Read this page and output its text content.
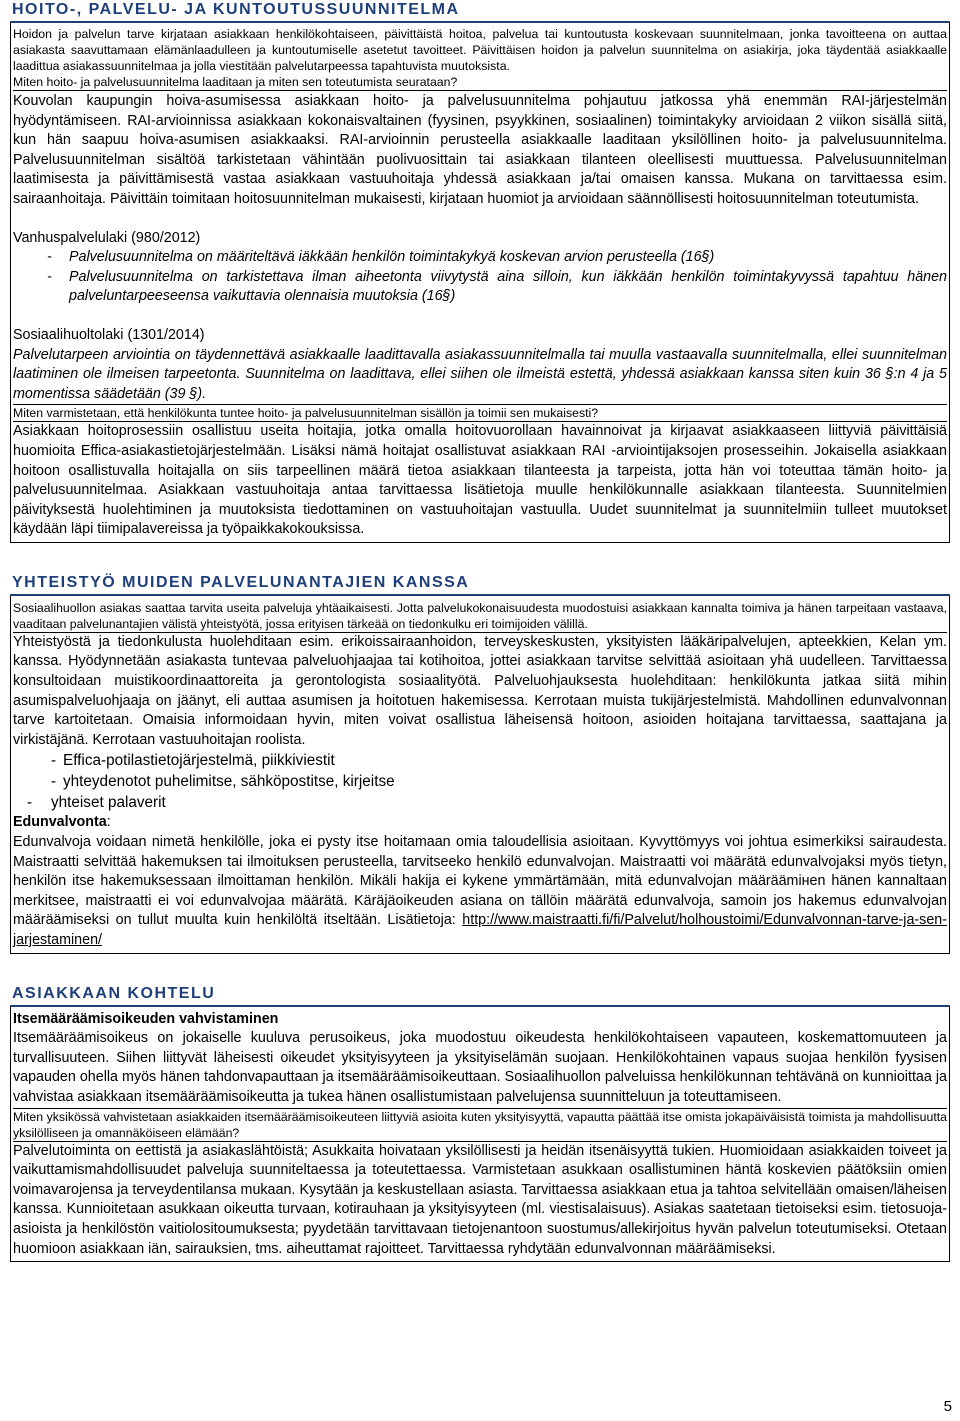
HOITO-, PALVELU- JA KUNTOUTUSSUUNNITELMA

Hoidon ja palvelun tarve kirjataan asiakkaan henkilökohtaiseen, päivittäistä hoitoa, palvelua tai kuntoutusta koskevaan suunnitelmaan, jonka tavoitteena on auttaa asiakasta saavuttamaan elämänlaadulleen ja kuntoutumiselle asetetut tavoitteet. Päivittäisen hoidon ja palvelun suunnitelma on asiakirja, joka täydentää asiakkaalle laadittua asiakassuunnitelmaa ja jolla viestitään palvelutarpeessa tapahtuvista muutoksista.

Miten hoito- ja palvelusuunnitelma laaditaan ja miten sen toteutumista seurataan?

Kouvolan kaupungin hoiva-asumisessa asiakkaan hoito- ja palvelusuunnitelma pohjautuu jatkossa yhä enemmän RAI-järjestelmän hyödyntämiseen. RAI-arvioinnissa asiakkaan kokonaisvaltainen (fyysinen, psyykkinen, sosiaalinen) toimintakyky arvioidaan 2 viikon sisällä siitä, kun hän saapuu hoiva-asumisen asiakkaaksi. RAI-arvioinnin perusteella asiakkaalle laaditaan yksilöllinen hoito- ja palvelusuunnitelma. Palvelusuunnitelman sisältöä tarkistetaan vähintään puolivuosittain tai asiakkaan tilanteen oleellisesti muuttuessa. Palvelusuunnitelman laatimisesta ja päivittämisestä vastaa asiakkaan vastuuhoitaja yhdessä asiakkaan ja/tai omaisen kanssa. Mukana on tarvittaessa esim. sairaanhoitaja. Päivittäin toimitaan hoitosuunnitelman mukaisesti, kirjataan huomiot ja arvioidaan säännöllisesti hoitosuunnitelman toteutumista.

Vanhuspalvelulaki (980/2012)

- Palvelusuunnitelma on määriteltävä iäkkään henkilön toimintakykyä koskevan arvion perusteella (16§)
- Palvelusuunnitelma on tarkistettava ilman aiheetonta viivytystä aina silloin, kun iäkkään henkilön toimintakyvyssä tapahtuu hänen palveluntarpeeseensa vaikuttavia olennaisia muutoksia (16§)

Sosiaalihuoltolaki (1301/2014)

Palvelutarpeen arviointia on täydennettävä asiakkaalle laadittavalla asiakassuunnitelmalla tai muulla vastaavalla suunnitelmalla, ellei suunnitelman laatiminen ole ilmeisen tarpeetonta. Suunnitelma on laadittava, ellei siihen ole ilmeistä estettä, yhdessä asiakkaan kanssa siten kuin 36 §:n 4 ja 5 momentissa säädetään (39 §).

Miten varmistetaan, että henkilökunta tuntee hoito- ja palvelusuunnitelman sisällön ja toimii sen mukaisesti?

Asiakkaan hoitoprosessiin osallistuu useita hoitajia, jotka omalla hoitovuorollaan havainnoivat ja kirjaavat asiakkaaseen liittyviä päivittäisiä huomioita Effica-asiakastietojärjestelmään. Lisäksi nämä hoitajat osallistuvat asiakkaan RAI -arviointijaksojen prosesseihin. Jokaisella asiakkaan hoitoon osallistuvalla hoitajalla on siis tarpeellinen määrä tietoa asiakkaan tilanteesta ja tarpeista, jotta hän voi toteuttaa tämän hoito- ja palvelusuunnitelmaa. Asiakkaan vastuuhoitaja antaa tarvittaessa lisätietoja muulle henkilökunnalle asiakkaan tilanteesta. Suunnitelmien päivityksestä huolehtiminen ja muutoksista tiedottaminen on vastuuhoitajan vastuulla. Uudet suunnitelmat ja suunnitelmiin tulleet muutokset käydään läpi tiimipalavereissa ja työpaikkakokouksissa.

YHTEISTYÖ MUIDEN PALVELUNANTAJIEN KANSSA

Sosiaalihuollon asiakas saattaa tarvita useita palveluja yhtäaikaisesti. Jotta palvelukokonaisuudesta muodostuisi asiakkaan kannalta toimiva ja hänen tarpeitaan vastaava, vaaditaan palvelunantajien välistä yhteistyötä, jossa erityisen tärkeää on tiedonkulku eri toimijoiden välillä.

Yhteistyöstä ja tiedonkulusta huolehditaan esim. erikoissairaanhoidon, terveyskeskusten, yksityisten lääkäripalvelujen, apteekkien, Kelan ym. kanssa. Hyödynnetään asiakasta tuntevaa palveluohjaajaa tai kotihoitoa, jottei asiakkaan tarvitse selvittää asioitaan yhä uudelleen. Tarvittaessa konsultoidaan muistikoordinaattoreita ja gerontologista sosiaalityötä. Palveluohjauksesta huolehditaan: henkilökunta jatkaa siitä mihin asumispalveluohjaaja on jäänyt, eli auttaa asumisen ja hoitotuen hakemisessa. Kerrotaan muista tukijärjestelmistä. Mahdollinen edunvalvonnan tarve kartoitetaan. Omaisia informoidaan hyvin, miten voivat osallistua läheisensä hoitoon, asioiden hoitajana tarvittaessa, saattajana ja virkistäjänä. Kerrotaan vastuuhoitajan roolista.

- Effica-potilastietojärjestelmä, piikkiviestit
- yhteydenotot puhelimitse, sähköpostitse, kirjeitse
- yhteiset palaverit

Edunvalvonta:

Edunvalvoja voidaan nimetä henkilölle, joka ei pysty itse hoitamaan omia taloudellisia asioitaan. Kyvyttömyys voi johtua esimerkiksi sairaudesta. Maistraatti selvittää hakemuksen tai ilmoituksen perusteella, tarvitseeko henkilö edunvalvojan. Maistraatti voi määrätä edunvalvojaksi myös tietyn, henkilön itse hakemuksessaan ilmoittaman henkilön. Mikäli hakija ei kykene ymmärtämään, mitä edunvalvojan määräämінen hänen kannaltaan merkitsee, maistraatti ei voi edunvalvojaa määrätä. Käräjäoikeuden asiana on tällöin määrätä edunvalvoja, samoin jos hakemus edunvalvojan määräämiseksi on tullut muulta kuin henkilöltä itseltään. Lisätietoja: http://www.maistraatti.fi/fi/Palvelut/holhoustoimi/Edunvalvonnan-tarve-ja-sen-jarjestaminen/

ASIAKKAAN KOHTELU

Itsemääräämisoikeuden vahvistaminen

Itsemääräämisoikeus on jokaiselle kuuluva perusoikeus, joka muodostuu oikeudesta henkilökohtaiseen vapauteen, koskemattomuuteen ja turvallisuuteen. Siihen liittyvät läheisesti oikeudet yksityisyyteen ja yksityiselämän suojaan. Henkilökohtainen vapaus suojaa henkilön fyysisen vapauden ohella myös hänen tahdonvapauttaan ja itsemääräämisoikeuttaan. Sosiaalihuollon palveluissa henkilökunnan tehtävänä on kunnioittaa ja vahvistaa asiakkaan itsemääräämisoikeutta ja tukea hänen osallistumistaan palvelujensa suunnitteluun ja toteuttamiseen.

Miten yksikössä vahvistetaan asiakkaiden itsemääräämisoikeuteen liittyviä asioita kuten yksityisyyttä, vapautta päättää itse omista jokapäiväisistä toimista ja mahdollisuutta yksilölliseen ja omannäköiseen elämään?

Palvelutoiminta on eettistä ja asiakaslähtöistä; Asukkaita hoivataan yksilöllisesti ja heidän itsenäisyyttä tukien. Huomioidaan asiakkaiden toiveet ja vaikuttamismahdollisuudet palveluja suunniteltaessa ja toteutettaessa. Varmistetaan asukkaan osallistuminen häntä koskevien päätöksiin omien voimavarojensa ja terveydentilansa mukaan. Kysytään ja keskustellaan asiasta. Tarvittaessa asiakkaan etua ja tahtoa selvitellään omaisen/läheisen kanssa. Kunnioitetaan asukkaan oikeutta turvaan, kotirauhaan ja yksityisyyteen (ml. viestisalaisuus). Asiakas saatetaan tietoiseksi esim. tietosuoja-asioista ja henkilöstön vaitiolositoumuksesta; pyydetään tarvittavaan tietojenantoon suostumus/allekirjoitus hyvän palvelun toteutumiseksi. Otetaan huomioon asiakkaan iän, sairauksien, tms. aiheuttamat rajoitteet. Tarvittaessa ryhdytään edunvalvonnan määräämiseksi.

5
